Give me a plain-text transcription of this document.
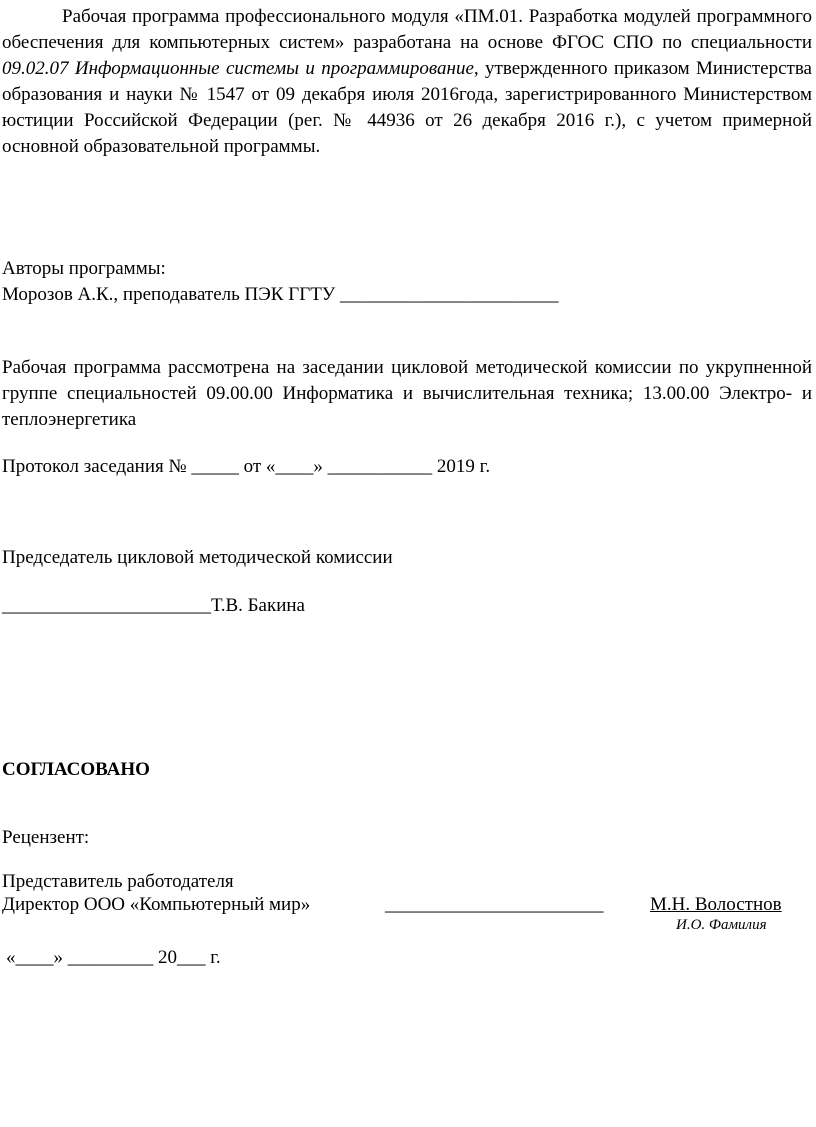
Рабочая программа профессионального модуля «ПМ.01. Разработка модулей программного обеспечения для компьютерных систем» разработана на основе ФГОС СПО по специальности 09.02.07 Информационные системы и программирование, утвержденного приказом Министерства образования и науки № 1547 от 09 декабря июля 2016года, зарегистрированного Министерством юстиции Российской Федерации (рег. № 44936 от 26 декабря 2016 г.), с учетом примерной основной образовательной программы.

Авторы программы:

Морозов А.К., преподаватель ПЭК ГГТУ _______________________

Рабочая программа рассмотрена на заседании цикловой методической комиссии по укрупненной группе специальностей 09.00.00 Информатика и вычислительная техника; 13.00.00 Электро- и теплоэнергетика

Протокол заседания № _____ от «____» ___________ 2019 г.

Председатель цикловой методической комиссии

______________________Т.В. Бакина

СОГЛАСОВАНО

Рецензент:

Представитель работодателя

Директор ООО «Компьютерный мир»	_______________________ М.Н. Волостнов
И.О. Фамилия

«____» _________ 20___ г.
